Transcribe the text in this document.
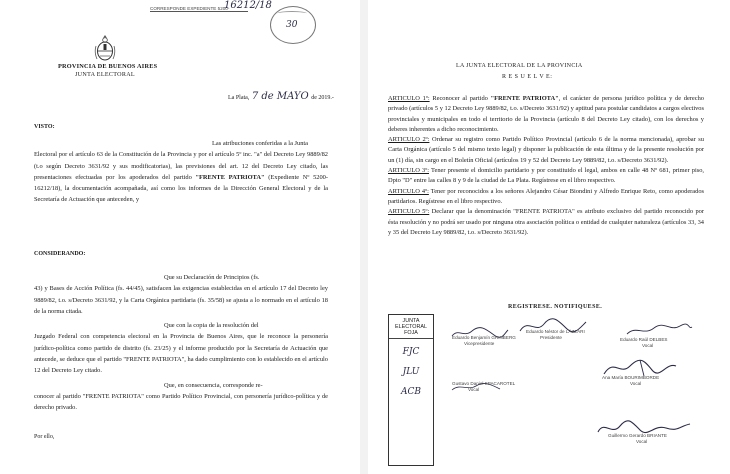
CORRESPONDE EXPEDIENTE 5200-
16212/18
30
PROVINCIA DE BUENOS AIRES
JUNTA ELECTORAL
La Plata, 7 de MAYO de 2019.-
VISTO:

Las atribuciones conferidas a la Junta

Electoral por el artículo 63 de la Constitución de la Provincia y por el artículo 5º inc. "a" del Decreto Ley 9889/82 (t.o según Decreto 3631/92 y sus modificatorias), las previsiones del art. 12 del Decreto Ley citado, las presentaciones efectuadas por los apoderados del partido "FRENTE PATRIOTA" (Expediente Nº 5200-16212/18), la documentación acompañada, así como los informes de la Dirección General Electoral y de la Secretaría de Actuación que anteceden, y

CONSIDERANDO:

Que su Declaración de Principios (fs.

43) y Bases de Acción Política (fs. 44/45), satisfacen las exigencias establecidas en el artículo 17 del Decreto ley 9889/82, t.o. s/Decreto 3631/92, y la Carta Orgánica partidaria (fs. 35/58) se ajusta a lo normado en el artículo 18 de la norma citada.

Que con la copia de la resolución del

Juzgado Federal con competencia electoral en la Provincia de Buenos Aires, que le reconoce la personería jurídico-política como partido de distrito (fs. 23/25) y el informe producido por la Secretaría de Actuación que antecede, se deduce que el partido "FRENTE PATRIOTA", ha dado cumplimiento con lo establecido en el artículo 12 del Decreto Ley citado.

Que, en consecuencia, corresponde re-

conocer al partido "FRENTE PATRIOTA" como Partido Político Provincial, con personería jurídico-política y de derecho privado.

Por ello,
LA JUNTA ELECTORAL DE LA PROVINCIA
R E S U E L V E:

ARTICULO 1º: Reconocer al partido "FRENTE PATRIOTA", el carácter de persona jurídico política y de derecho privado (artículos 5 y 12 Decreto Ley 9889/82, t.o. s/Decreto 3631/92) y aptitud para postular candidatos a cargos electivos provinciales y municipales en todo el territorio de la Provincia (artículo 8 del Decreto Ley citado), con los derechos y deberes inherentes a dicho reconocimiento.

ARTICULO 2º: Ordenar su registro como Partido Político Provincial (artículo 6 de la norma mencionada), aprobar su Carta Orgánica (artículo 5 del mismo texto legal) y disponer la publicación de esta última y de la presente resolución por un (1) día, sin cargo en el Boletín Oficial (artículos 19 y 52 del Decreto Ley 9889/82, t.o. s/Decreto 3631/92).

ARTICULO 3º: Tener presente el domicilio partidario y por constituido el legal, ambos en calle 48 Nº 681, primer piso, Dpto "D" entre las calles 8 y 9 de la ciudad de La Plata. Regístrese en el libro respectivo.

ARTICULO 4º: Tener por reconocidos a los señores Alejandro César Biondini y Alfredo Enrique Reto, como apoderados partidarios. Regístrese en el libro respectivo.

ARTICULO 5º: Declarar que la denominación "FRENTE PATRIOTA" es atributo exclusivo del partido reconocido por ésta resolución y no podrá ser usado por ninguna otra asociación política o entidad de cualquier naturaleza (artículos 33, 34 y 35 del Decreto Ley 9889/82, t.o. s/Decreto 3631/92).

REGISTRESE. NOTIFIQUESE.
JUNTA
ELECTORAL
FOJA
FJC
JLU
ACB
Eduardo Néstor de LÁZZARI
Presidente
Eduardo Benjamín GRINBERG
Vicepresidente
Eduardo Raúl DELBES
Vocal
Gustavo Daniel SPACAROTEL
Vocal
Ana María BOURIMBORDE
Vocal
Guillermo Gerardo BRIANTE
Vocal
